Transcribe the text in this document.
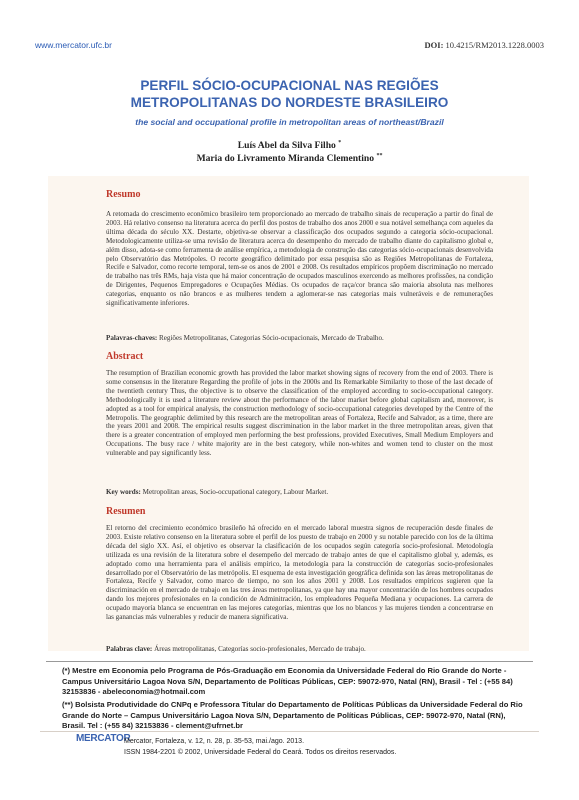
www.mercator.ufc.br	DOI: 10.4215/RM2013.1228.0003
PERFIL SÓCIO-OCUPACIONAL NAS REGIÕES
METROPOLITANAS DO NORDESTE BRASILEIRO
the social and occupational profile in metropolitan areas of northeast/Brazil
Luís Abel da Silva Filho *
Maria do Livramento Miranda Clementino **
Resumo
A retomada do crescimento econômico brasileiro tem proporcionado ao mercado de trabalho sinais de recuperação a partir do final de 2003. Há relativo consenso na literatura acerca do perfil dos postos de trabalho dos anos 2000 e sua notável semelhança com aqueles da última década do século XX. Destarte, objetiva-se observar a classificação dos ocupados segundo a categoria sócio-ocupacional. Metodologicamente utiliza-se uma revisão de literatura acerca do desempenho do mercado de trabalho diante do capitalismo global e, além disso, adota-se como ferramenta de análise empírica, a metodologia de construção das categorias sócio-ocupacionais desenvolvida pelo Observatório das Metrópoles. O recorte geográfico delimitado por essa pesquisa são as Regiões Metropolitanas de Fortaleza, Recife e Salvador, como recorte temporal, tem-se os anos de 2001 e 2008. Os resultados empíricos propõem discriminação no mercado de trabalho nas três RMs, haja vista que há maior concentração de ocupados masculinos exercendo as melhores profissões, na condição de Dirigentes, Pequenos Empregadores e Ocupações Médias. Os ocupados de raça/cor branca são maioria absoluta nas melhores categorias, enquanto os não brancos e as mulheres tendem a aglomerar-se nas categorias mais vulneráveis e de remunerações significativamente inferiores.
Palavras-chaves: Regiões Metropolitanas, Categorias Sócio-ocupacionais, Mercado de Trabalho.
Abstract
The resumption of Brazilian economic growth has provided the labor market showing signs of recovery from the end of 2003. There is some consensus in the literature Regarding the profile of jobs in the 2000s and Its Remarkable Similarity to those of the last decade of the twentieth century Thus, the objective is to observe the classification of the employed according to socio-occupational category. Methodologically it is used a literature review about the performance of the labor market before global capitalism and, moreover, is adopted as a tool for empirical analysis, the construction methodology of socio-occupational categories developed by the Centre of the Metropolis. The geographic delimited by this research are the metropolitan areas of Fortaleza, Recife and Salvador, as a time, there are the years 2001 and 2008. The empirical results suggest discrimination in the labor market in the three metropolitan areas, given that there is a greater concentration of employed men performing the best professions, provided Executives, Small Medium Employers and Occupations. The busy race / white majority are in the best category, while non-whites and women tend to cluster on the most vulnerable and pay significantly less.
Key words: Metropolitan areas, Socio-occupational category, Labour Market.
Resumen
El retorno del crecimiento económico brasileño há ofrecido en el mercado laboral muestra signos de recuperación desde finales de 2003. Existe relativo consenso en la literatura sobre el perfil de los puesto de trabajo en 2000 y su notable parecido con los de la última década del siglo XX. Así, el objetivo es observar la clasificación de los ocupados según categoría socio-profesional. Metodología utilizada es una revisión de la literatura sobre el desempeño del mercado de trabajo antes de que el capitalismo global y, además, es adoptado como una herramienta para el análisis empírico, la metodología para la construcción de categorías socio-profesionales desarrollado por el Observatório de las metrópolis. El esquema de esta investigación geográfica definida son las áreas metropolitanas de Fortaleza, Recife y Salvador, como marco de tiempo, no son los años 2001 y 2008. Los resultados empíricos sugieren que la discriminación en el mercado de trabajo en las tres áreas metropolitanas, ya que hay una mayor concentración de los hombres ocupados dando los mejores profesionales en la condición de Adminitración, los empleadores Pequeña Mediana y ocupaciones. La carrera de ocupado mayoría blanca se encuentran en las mejores categorías, mientras que los no blancos y las mujeres tienden a concentrarse en las ganancias más vulnerables y reducir de manera significativa.
Palabras clave: Áreas metropolitanas, Categorías socio-profesionales, Mercado de trabajo.
(*) Mestre em Economia pelo Programa de Pós-Graduação em Economia da Universidade Federal do Rio Grande do Norte - Campus Universitário Lagoa Nova S/N, Departamento de Políticas Públicas, CEP: 59072-970, Natal (RN), Brasil - Tel : (+55 84) 32153836 - abeleconomia@hotmail.com
(**) Bolsista Produtividade do CNPq e Professora Titular do Departamento de Políticas Públicas da Universidade Federal do Rio Grande do Norte – Campus Universitário Lagoa Nova S/N, Departamento de Políticas Públicas, CEP: 59072-970, Natal (RN), Brasil. Tel : (+55 84) 32153836 - clement@ufrnet.br
MERCATOR
Mercator, Fortaleza, v. 12, n. 28, p. 35-53, mai./ago. 2013.
ISSN 1984-2201 © 2002, Universidade Federal do Ceará. Todos os direitos reservados.
